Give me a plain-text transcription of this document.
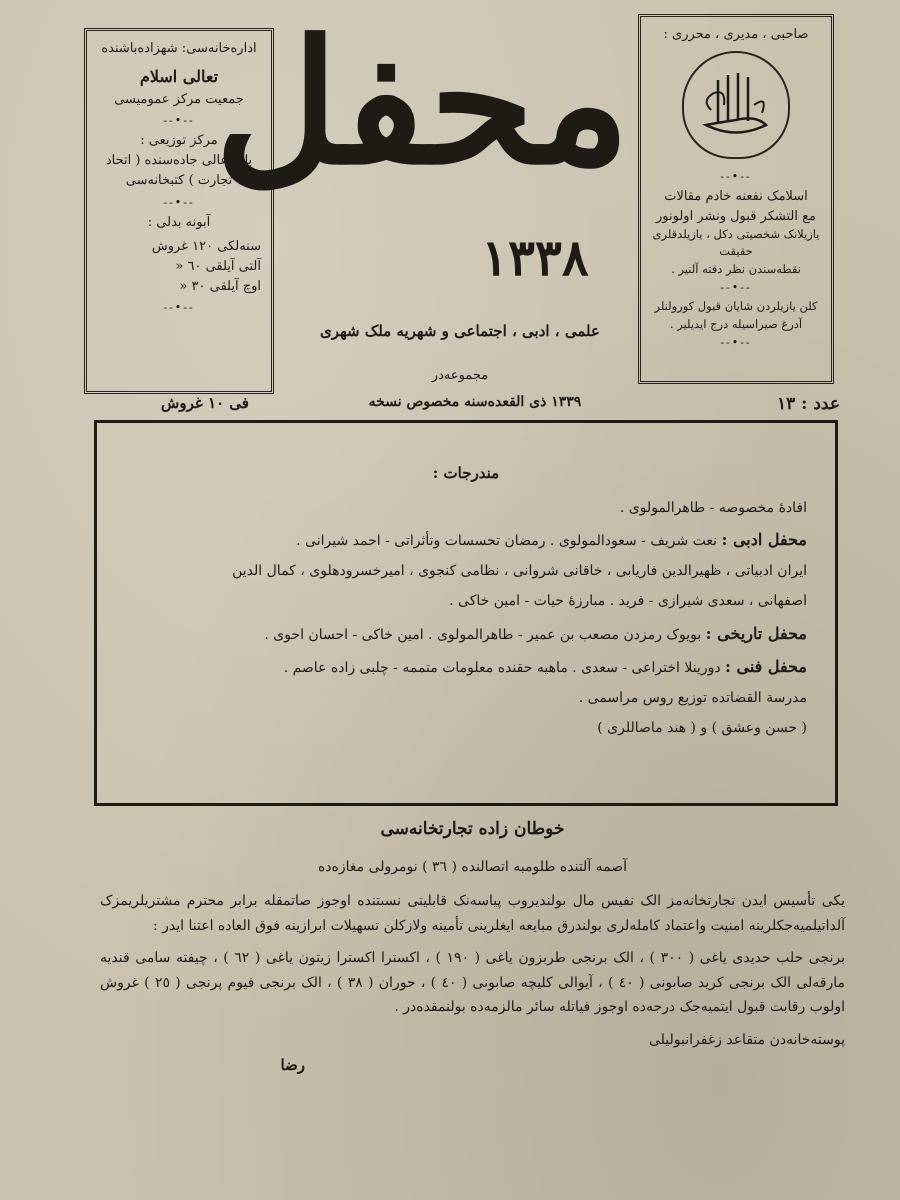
ادارەخانەسی: شهزادەباشندە
تعالی اسلام
جمعیت مرکز عمومیسی
--•--
مرکز توزیعی :
باب عالی جادەسندە ( اتحاد
تجارت ) کتبخانەسی
--•--
آبونە بدلی :
سنەلکی ١٢٠ غروش
آلتی آیلقی ٦٠ «
اوچ آیلقی ٣٠ «
--•--
محفل
١٣٣٨
علمی ، ادبی ، اجتماعی و شهریه ملک شهری
مجموعەدر
صاحبی ، مدیری ، محرری :
--•--
اسلامک نفعنە خادم مقالات
مع التشکر قبول ونشر اولونور
یازیلانک شخصیتی دکل ، یازیلدقلری حقیقت
نقطەسندن نظر دقتە آلنیر .
--•--
کلن یازیلردن شایان قبول کورولنلر
آدرغ صیراسیلە درج ایدیلیر .
--•--
فی ١٠ غروش	١٣٣٩ ذی القعدەسنە مخصوص نسخە	عدد : ١٣
مندرجات :

افادۀ مخصوصە - طاهرالمولوی .

محفل ادبی : نعت شریف - سعودالمولوی . رمضان تحسسات وتأثراتی - احمد شیرانی .

ایران ادبیاتی ، ظهیرالدین فاریابی ، خاقانی شروانی ، نظامی کنجوی ، امیرخسرودهلوی ، کمال الدین

اصفهانی ، سعدی شیرازی - فرید . مبارزۀ حیات - امین خاکی .

محفل تاریخی : بویوک رمزدن مصعب بن عمیر - طاهرالمولوی . امین خاکی - احسان احوی .

محفل فنی : دورینلا اختراعی - سعدی . ماهیە حقندە معلومات متممە - چلبی زادە عاصم .

مدرسة القضاتدە توزیع روس مراسمی .

( حسن وعشق ) و ( هند ماصاللری )

خوطان زادە تجارتخانەسی
آصمە آلتندە طلومبە اتصالندە ( ٣٦ ) نومرولی مغازەدە

یکی تأسیس ایدن تجارتخانەمز الک نفیس مال بولندیروب پیاسەنک قابلیتی نسبتندە اوجوز صاتمقلە برابر محترم مشتریلریمزک آلداتیلمیەجکلرینە امنیت واعتماد کاملەلری بولندرق مبایعە ایغلرینی تأمینە ولازکلن تسهیلات ابرازینە فوق العادە اعتنا ایدر :

برنجی حلب حدیدی یاغی ( ٣٠٠ ) ، الک برنجی طربزون یاغی ( ١٩٠ ) ، اکسترا اکسترا زیتون یاغی ( ٦٢ ) ، چیفتە سامی قندیە مارقەلی الک برنجی کرید صابونی ( ٤٠ ) ، آیوالی کلیچە صابونی ( ٤٠ ) ، حوران ( ٣٨ ) ، الک برنجی فیوم پرنجی ( ٢٥ ) غروش اولوب رقابت قبول ایتمیەجک درجەدە اوجوز فیاتلە سائر مالزمەدە بولنمقدەدر .

پوستەخانەدن متقاعد زغفرانبولیلی
رضا
